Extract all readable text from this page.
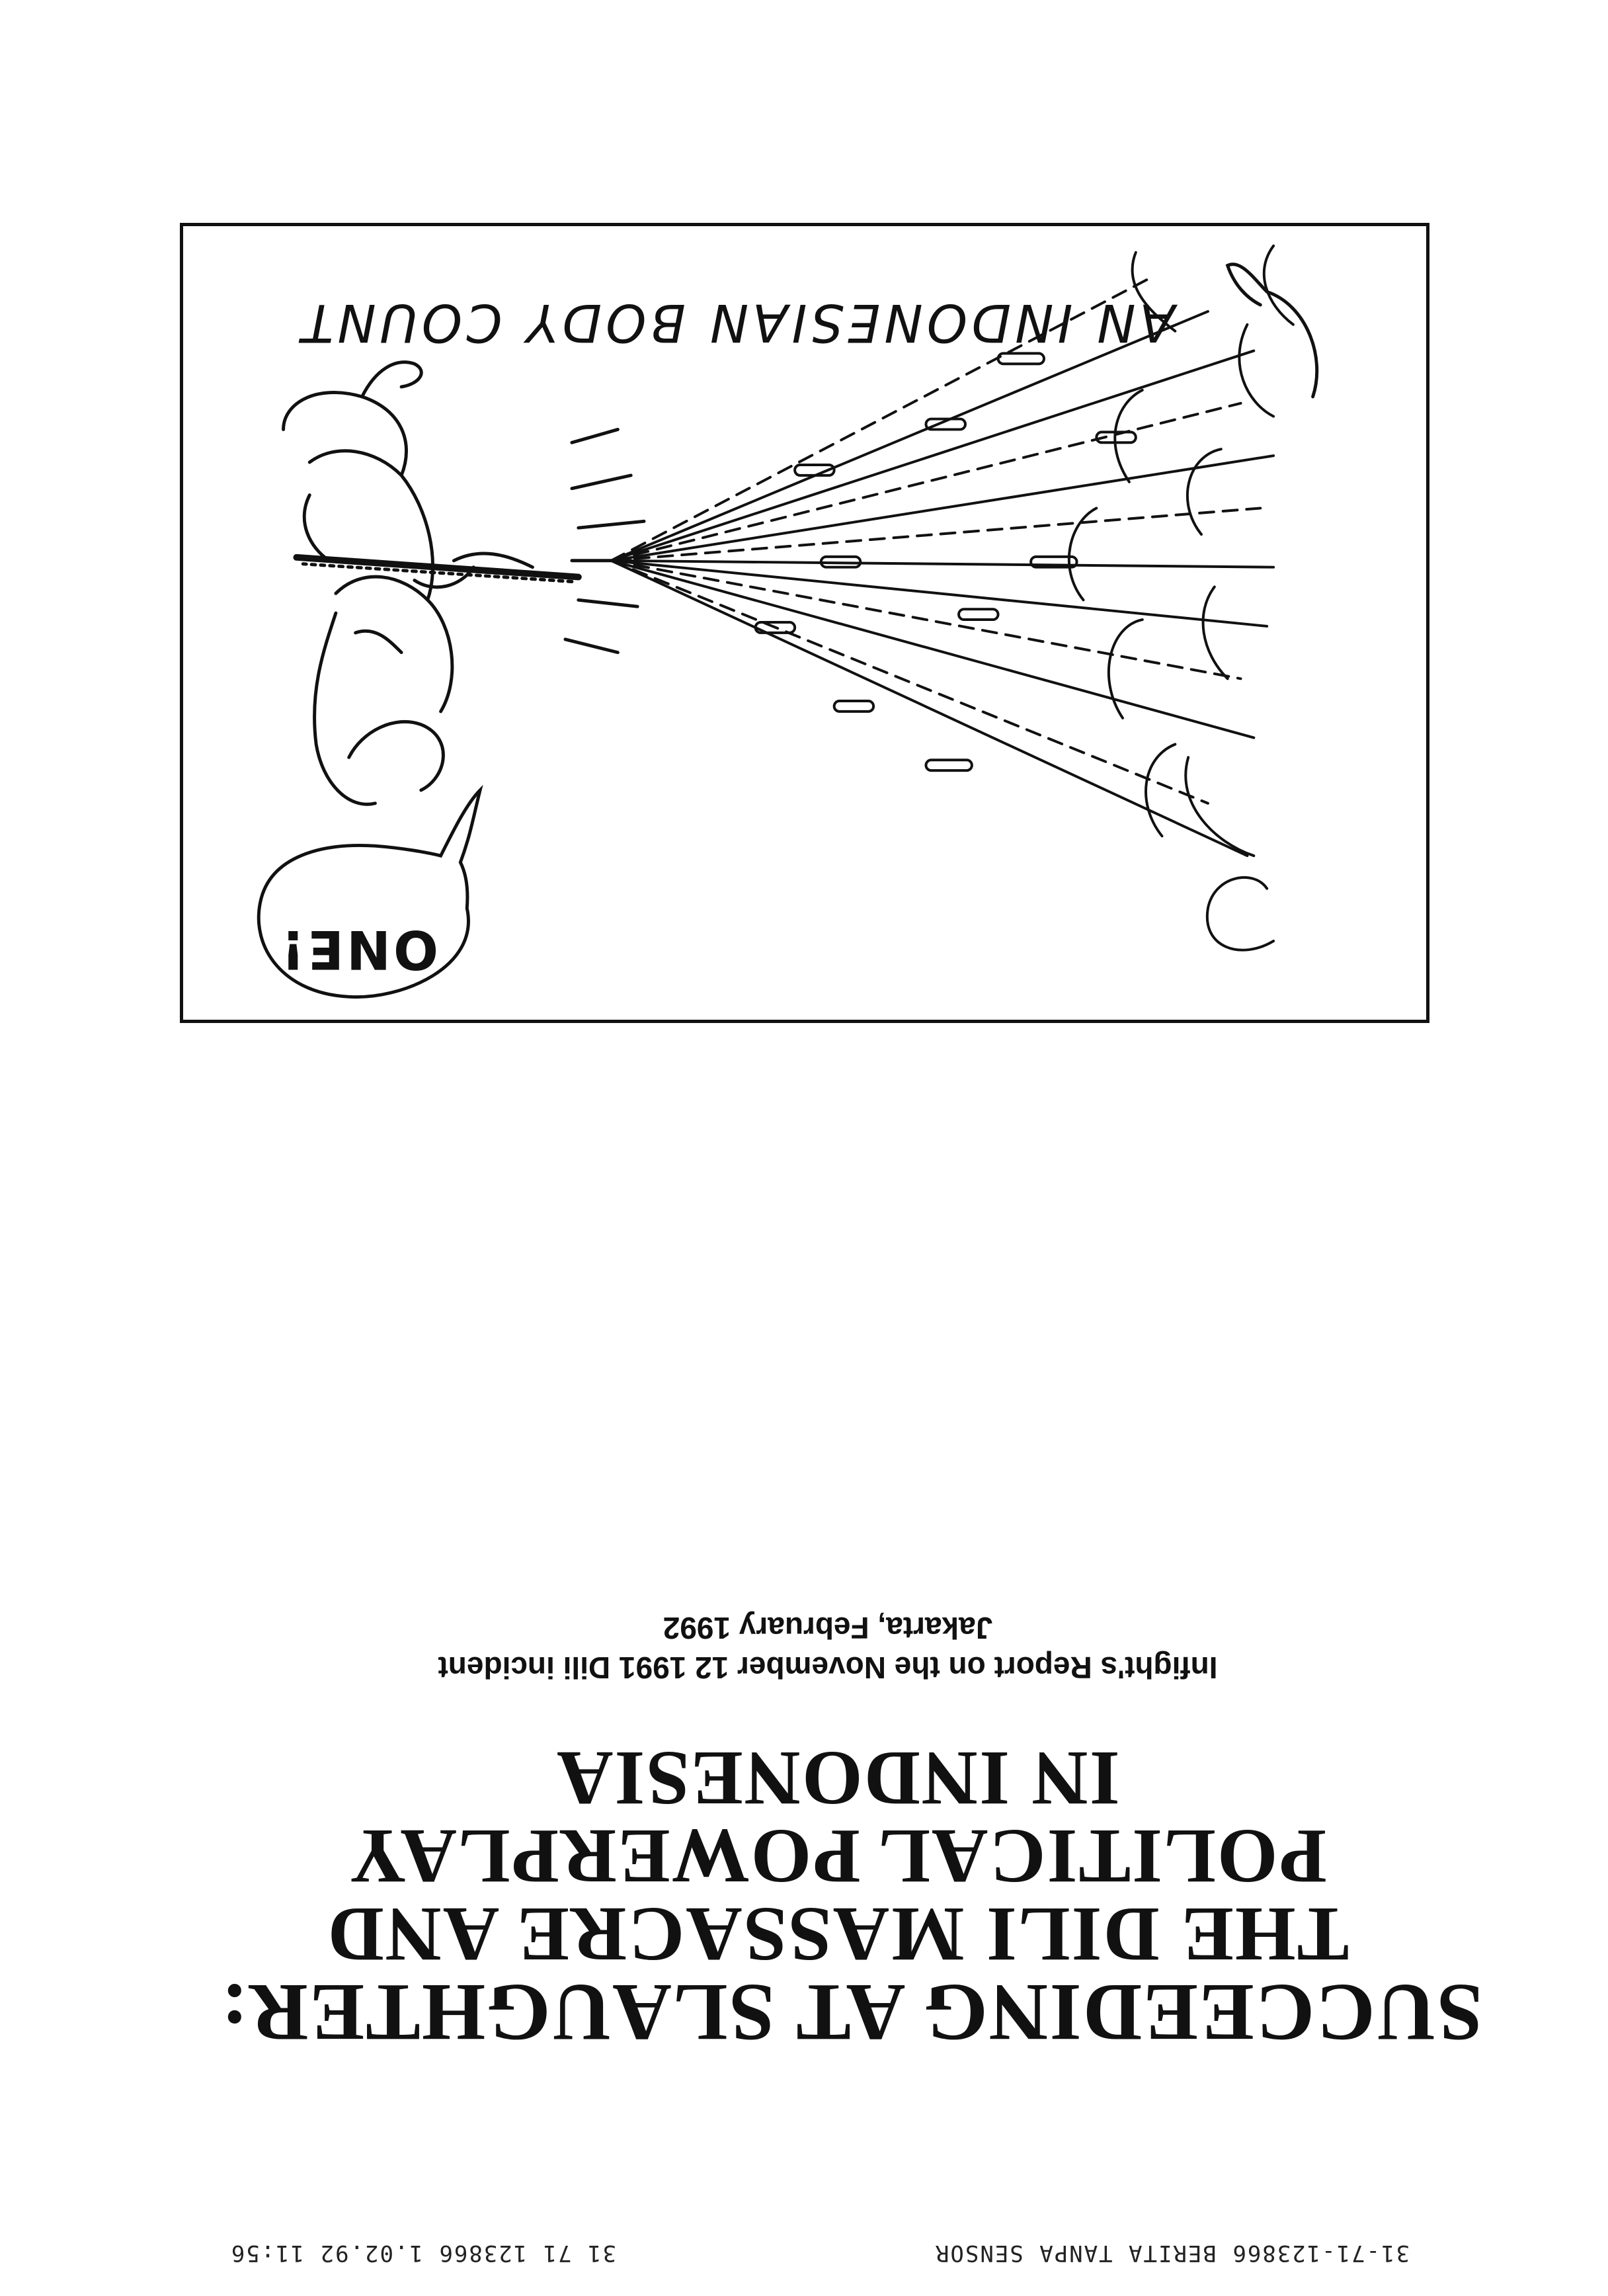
31-71-123866 BERITA TANPA SENSOR
31 71 123866 1.02.92 11:56
SUCCEEDING AT SLAUGHTER:
THE DILI MASSACRE AND
POLITICAL POWERPLAY
IN INDONESIA
Infight's Report on the November 12 1991 Dili incident
Jakarta, February 1992
ONE!
AN INDONESIAN BODY COUNT
